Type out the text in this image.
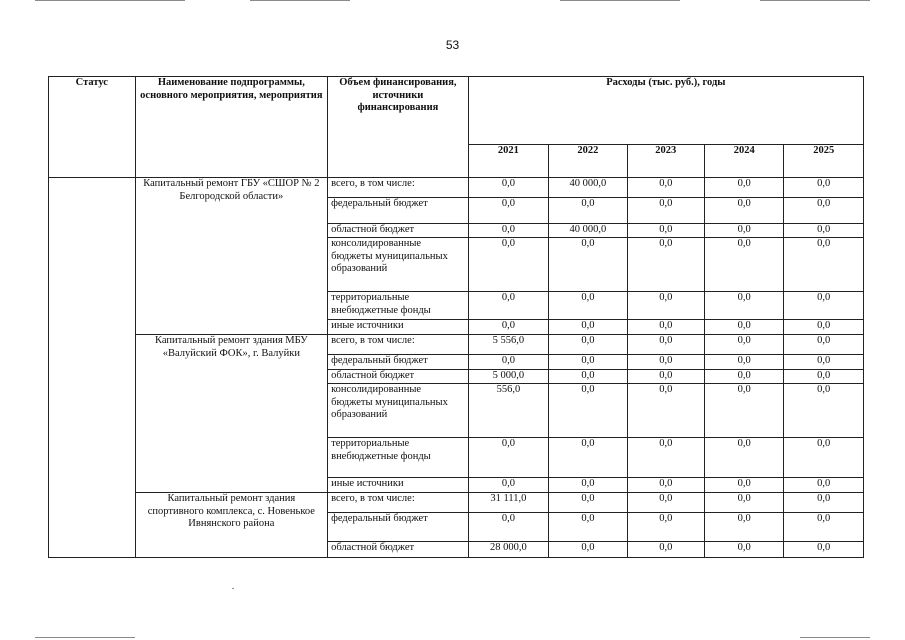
53
Статус	Наименование подпрограммы, основного мероприятия, мероприятия	Объем финансирования, источники финансирования	Расходы (тыс. руб.), годы				
			2021	2022	2023	2024	2025
	Капитальный ремонт ГБУ «СШОР № 2 Белгородской области»	всего, в том числе:	0,0	40 000,0	0,0	0,0	0,0
		федеральный бюджет	0,0	0,0	0,0	0,0	0,0
		областной бюджет	0,0	40 000,0	0,0	0,0	0,0
		консолидированные бюджеты муниципальных образований	0,0	0,0	0,0	0,0	0,0
		территориальные внебюджетные фонды	0,0	0,0	0,0	0,0	0,0
		иные источники	0,0	0,0	0,0	0,0	0,0
	Капитальный ремонт здания МБУ «Валуйский ФОК», г. Валуйки	всего, в том числе:	5 556,0	0,0	0,0	0,0	0,0
		федеральный бюджет	0,0	0,0	0,0	0,0	0,0
		областной бюджет	5 000,0	0,0	0,0	0,0	0,0
		консолидированные бюджеты муниципальных образований	556,0	0,0	0,0	0,0	0,0
		территориальные внебюджетные фонды	0,0	0,0	0,0	0,0	0,0
		иные источники	0,0	0,0	0,0	0,0	0,0
	Капитальный ремонт здания спортивного комплекса, с. Новенькое Ивнянского района	всего, в том числе:	31 111,0	0,0	0,0	0,0	0,0
		федеральный бюджет	0,0	0,0	0,0	0,0	0,0
		областной бюджет	28 000,0	0,0	0,0	0,0	0,0
